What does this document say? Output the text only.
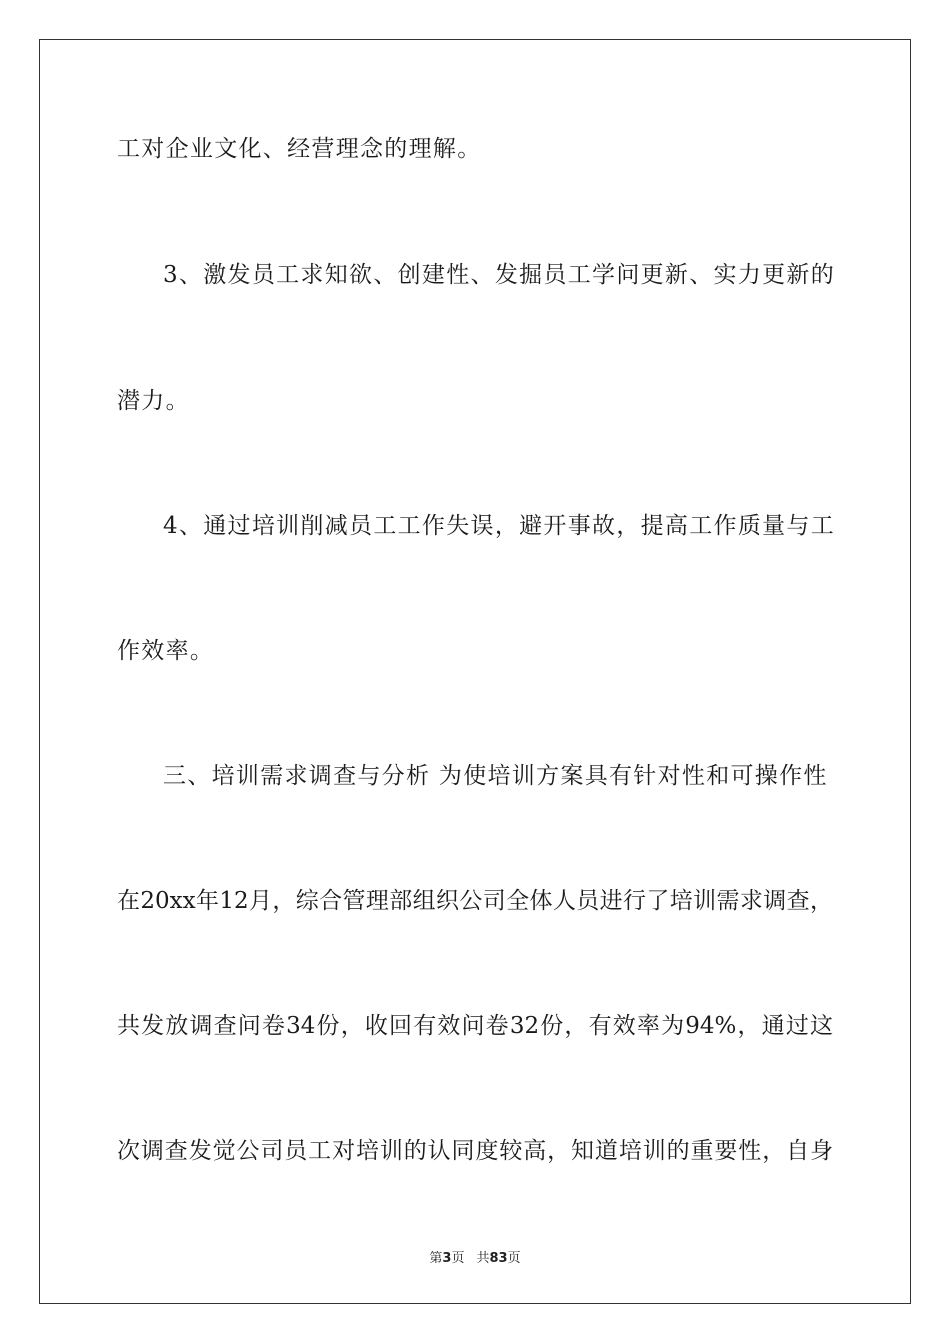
工对企业文化、经营理念的理解。
3、激发员工求知欲、创建性、发掘员工学问更新、实力更新的
潜力。
4、通过培训削减员工工作失误，避开事故，提高工作质量与工
作效率。
三、培训需求调查与分析 为使培训方案具有针对性和可操作性
在20xx年12月，综合管理部组织公司全体人员进行了培训需求调查，
共发放调查问卷34份，收回有效问卷32份，有效率为94%，通过这
次调查发觉公司员工对培训的认同度较高，知道培训的重要性，自身
第3页 共83页
